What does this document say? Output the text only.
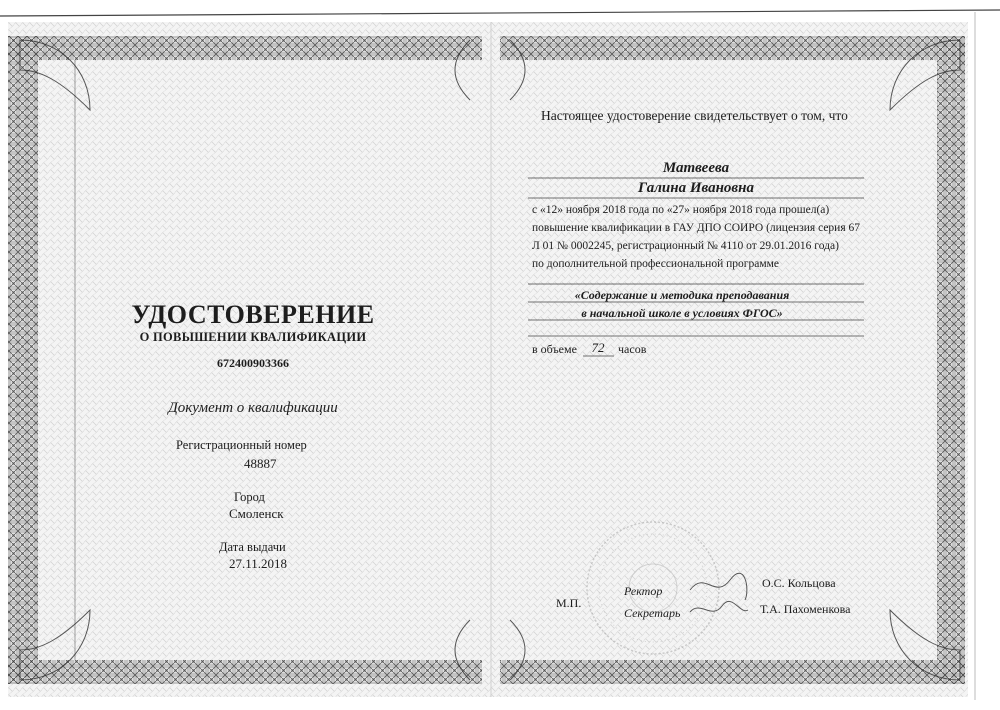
УДОСТОВЕРЕНИЕ
О ПОВЫШЕНИИ КВАЛИФИКАЦИИ
672400903366
Документ о квалификации
Регистрационный номер
48887
Город
Смоленск
Дата выдачи
27.11.2018
Настоящее удостоверение свидетельствует о том, что
Матвеева
Галина Ивановна
с «12» ноября 2018 года по «27» ноября 2018 года прошел(а)
повышение квалификации в ГАУ ДПО СОИРО (лицензия серия 67
Л 01 № 0002245, регистрационный № 4110 от 29.01.2016 года)
по дополнительной профессиональной программе
«Содержание и методика преподавания
в начальной школе в условиях ФГОС»
в объеме	72	часов
М.П.
Ректор
О.С. Кольцова
Секретарь	Т.А. Пахоменкова
